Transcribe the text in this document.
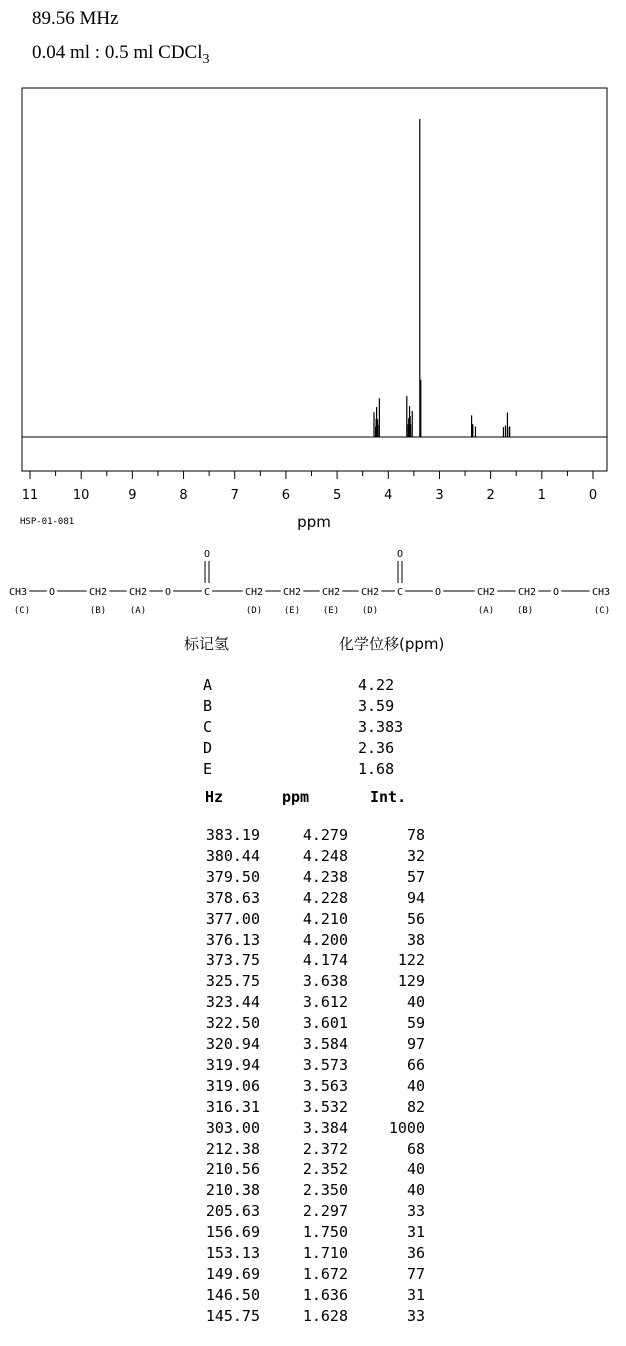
89.56 MHz
0.04 ml : 0.5 ml CDCl$_3$
11	10	9	8	7	6	5	4	3	2	1	0
ppm
HSP-01-081
O	O
CH3 O	CH2 CH2 O	C	CH2 CH2 CH2 CH2 C	O	CH2 CH2 O	CH3
(C)	(B)	(A)	(D) (E)	(E)	(D)	(A)	(B)	(C)
标记氢	化学位移(ppm)
A	4.22
B	3.59
C	3.383
D	2.36
E	1.68
Hz	ppm	Int.
383.19	4.279	78
380.44	4.248	32
379.50	4.238	57
378.63	4.228	94
377.00	4.210	56
376.13	4.200	38
373.75	4.174	122
325.75	3.638	129
323.44	3.612	40
322.50	3.601	59
320.94	3.584	97
319.94	3.573	66
319.06	3.563	40
316.31	3.532	82
303.00	3.384	1000
212.38	2.372	68
210.56	2.352	40
210.38	2.350	40
205.63	2.297	33
156.69	1.750	31
153.13	1.710	36
149.69	1.672	77
146.50	1.636	31
145.75	1.628	33
